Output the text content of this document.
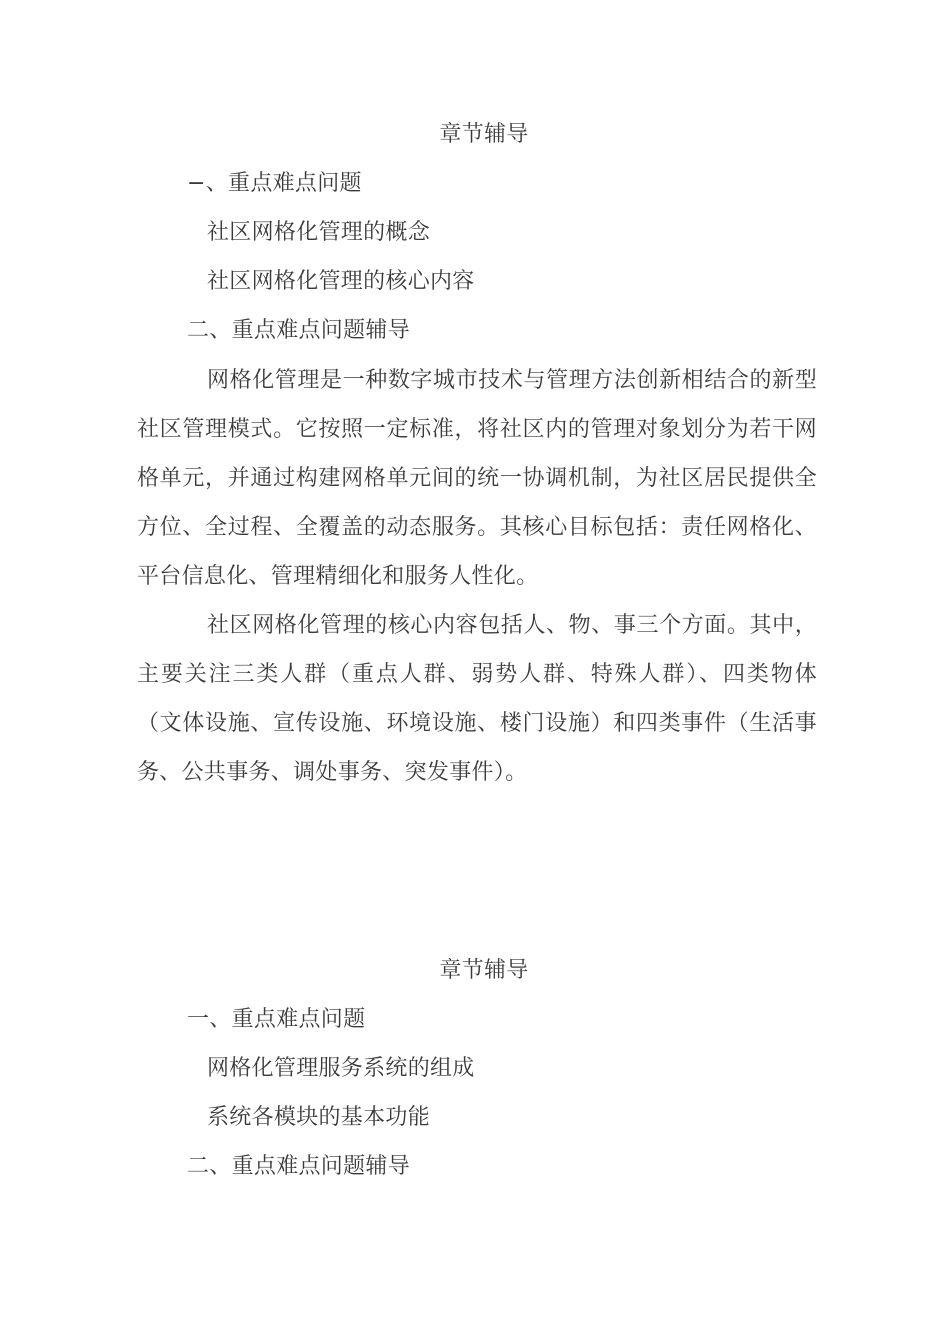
章节辅导
−、重点难点问题
社区网格化管理的概念
社区网格化管理的核心内容
二、重点难点问题辅导
网格化管理是一种数字城市技术与管理方法创新相结合的新型社区管理模式。它按照一定标准，将社区内的管理对象划分为若干网格单元，并通过构建网格单元间的统一协调机制，为社区居民提供全方位、全过程、全覆盖的动态服务。其核心目标包括：责任网格化、平台信息化、管理精细化和服务人性化。
社区网格化管理的核心内容包括人、物、事三个方面。其中，主要关注三类人群（重点人群、弱势人群、特殊人群）、四类物体（文体设施、宣传设施、环境设施、楼门设施）和四类事件（生活事务、公共事务、调处事务、突发事件）。
章节辅导
一、重点难点问题
网格化管理服务系统的组成
系统各模块的基本功能
二、重点难点问题辅导
